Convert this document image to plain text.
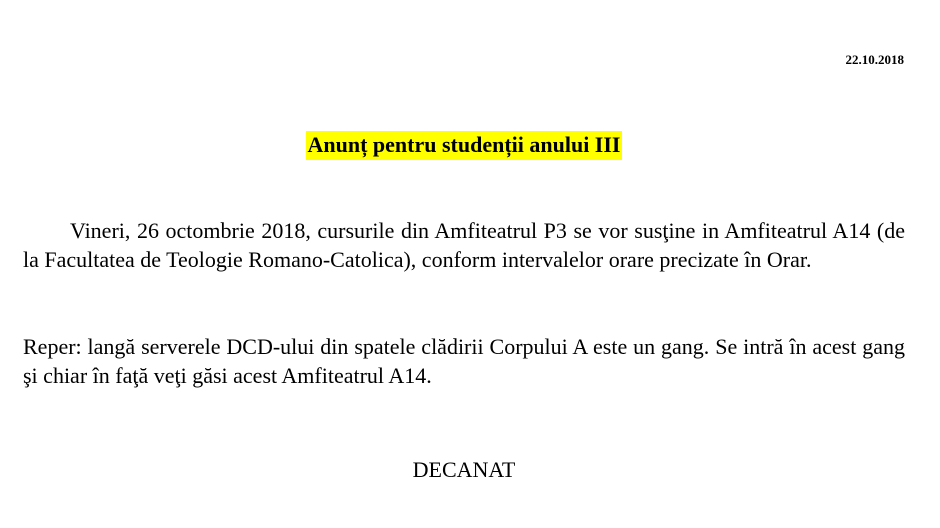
22.10.2018
Anunț pentru studenții anului III
Vineri, 26 octombrie 2018, cursurile din Amfiteatrul P3 se vor susţine in Amfiteatrul A14 (de la Facultatea de Teologie Romano-Catolica), conform intervalelor orare precizate în Orar.
Reper: langă serverele DCD-ului din spatele clădirii Corpului A este un gang. Se intră în acest gang şi chiar în faţă veţi găsi acest Amfiteatrul A14.
DECANAT
